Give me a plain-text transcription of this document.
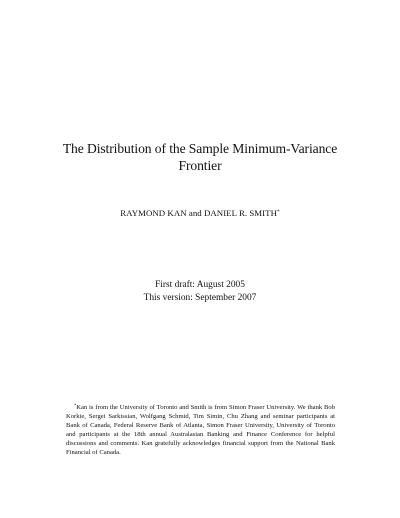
The Distribution of the Sample Minimum-Variance Frontier
RAYMOND KAN and DANIEL R. SMITH*
First draft: August 2005
This version: September 2007
*Kan is from the University of Toronto and Smith is from Simon Fraser University. We thank Bob Korkie, Sergei Sarkissian, Wolfgang Schmid, Tim Simin, Chu Zhang and seminar participants at Bank of Canada, Federal Reserve Bank of Atlanta, Simon Fraser University, University of Toronto and participants at the 18th annual Australasian Banking and Finance Conference for helpful discussions and comments. Kan gratefully acknowledges financial support from the National Bank Financial of Canada.
